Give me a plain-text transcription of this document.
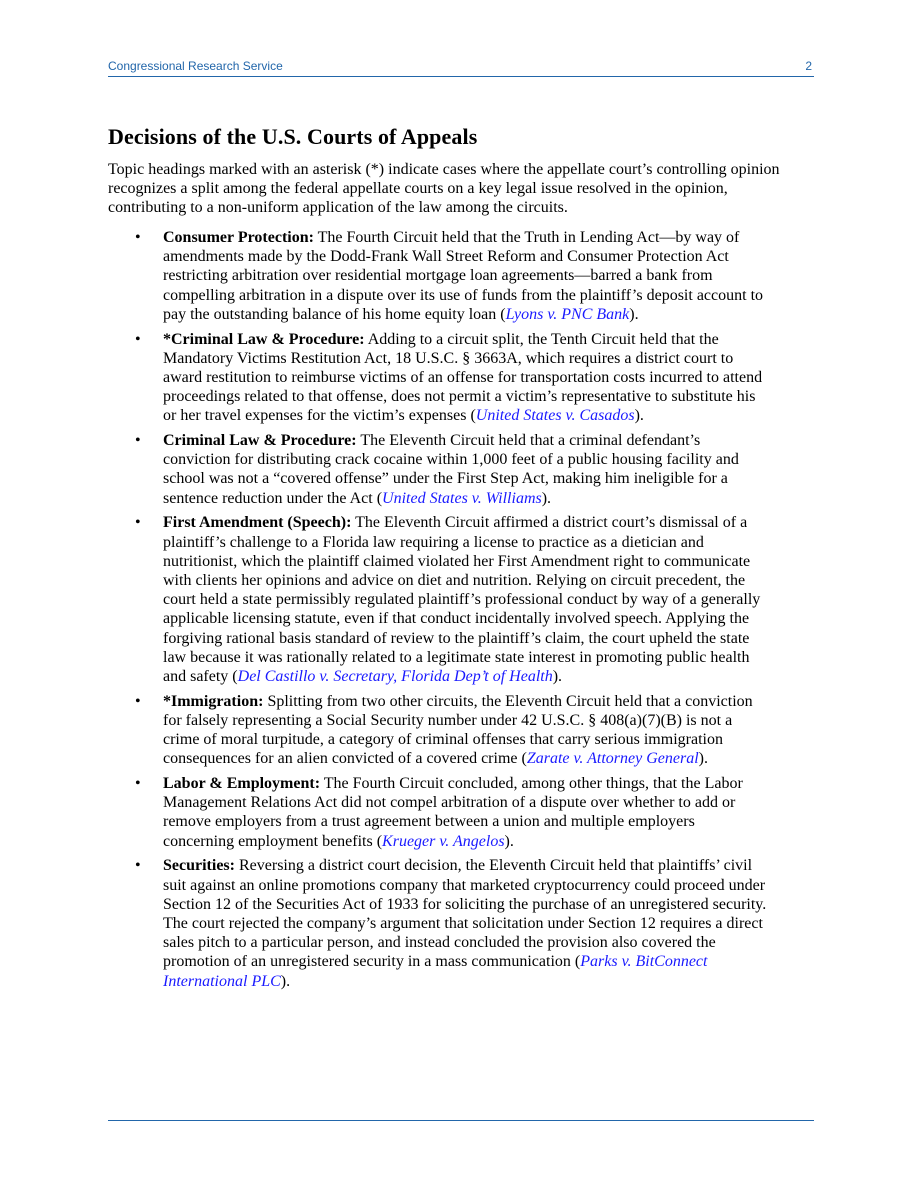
Congressional Research Service	2
Decisions of the U.S. Courts of Appeals

Topic headings marked with an asterisk (*) indicate cases where the appellate court’s controlling opinion recognizes a split among the federal appellate courts on a key legal issue resolved in the opinion, contributing to a non-uniform application of the law among the circuits.

• Consumer Protection: The Fourth Circuit held that the Truth in Lending Act—by way of amendments made by the Dodd-Frank Wall Street Reform and Consumer Protection Act restricting arbitration over residential mortgage loan agreements—barred a bank from compelling arbitration in a dispute over its use of funds from the plaintiff’s deposit account to pay the outstanding balance of his home equity loan (Lyons v. PNC Bank).
• *Criminal Law & Procedure: Adding to a circuit split, the Tenth Circuit held that the Mandatory Victims Restitution Act, 18 U.S.C. § 3663A, which requires a district court to award restitution to reimburse victims of an offense for transportation costs incurred to attend proceedings related to that offense, does not permit a victim’s representative to substitute his or her travel expenses for the victim’s expenses (United States v. Casados).
• Criminal Law & Procedure: The Eleventh Circuit held that a criminal defendant’s conviction for distributing crack cocaine within 1,000 feet of a public housing facility and school was not a “covered offense” under the First Step Act, making him ineligible for a sentence reduction under the Act (United States v. Williams).
• First Amendment (Speech): The Eleventh Circuit affirmed a district court’s dismissal of a plaintiff’s challenge to a Florida law requiring a license to practice as a dietician and nutritionist, which the plaintiff claimed violated her First Amendment right to communicate with clients her opinions and advice on diet and nutrition. Relying on circuit precedent, the court held a state permissibly regulated plaintiff’s professional conduct by way of a generally applicable licensing statute, even if that conduct incidentally involved speech. Applying the forgiving rational basis standard of review to the plaintiff’s claim, the court upheld the state law because it was rationally related to a legitimate state interest in promoting public health and safety (Del Castillo v. Secretary, Florida Dep’t of Health).
• *Immigration: Splitting from two other circuits, the Eleventh Circuit held that a conviction for falsely representing a Social Security number under 42 U.S.C. § 408(a)(7)(B) is not a crime of moral turpitude, a category of criminal offenses that carry serious immigration consequences for an alien convicted of a covered crime (Zarate v. Attorney General).
• Labor & Employment: The Fourth Circuit concluded, among other things, that the Labor Management Relations Act did not compel arbitration of a dispute over whether to add or remove employers from a trust agreement between a union and multiple employers concerning employment benefits (Krueger v. Angelos).
• Securities: Reversing a district court decision, the Eleventh Circuit held that plaintiffs’ civil suit against an online promotions company that marketed cryptocurrency could proceed under Section 12 of the Securities Act of 1933 for soliciting the purchase of an unregistered security. The court rejected the company’s argument that solicitation under Section 12 requires a direct sales pitch to a particular person, and instead concluded the provision also covered the promotion of an unregistered security in a mass communication (Parks v. BitConnect International PLC).
